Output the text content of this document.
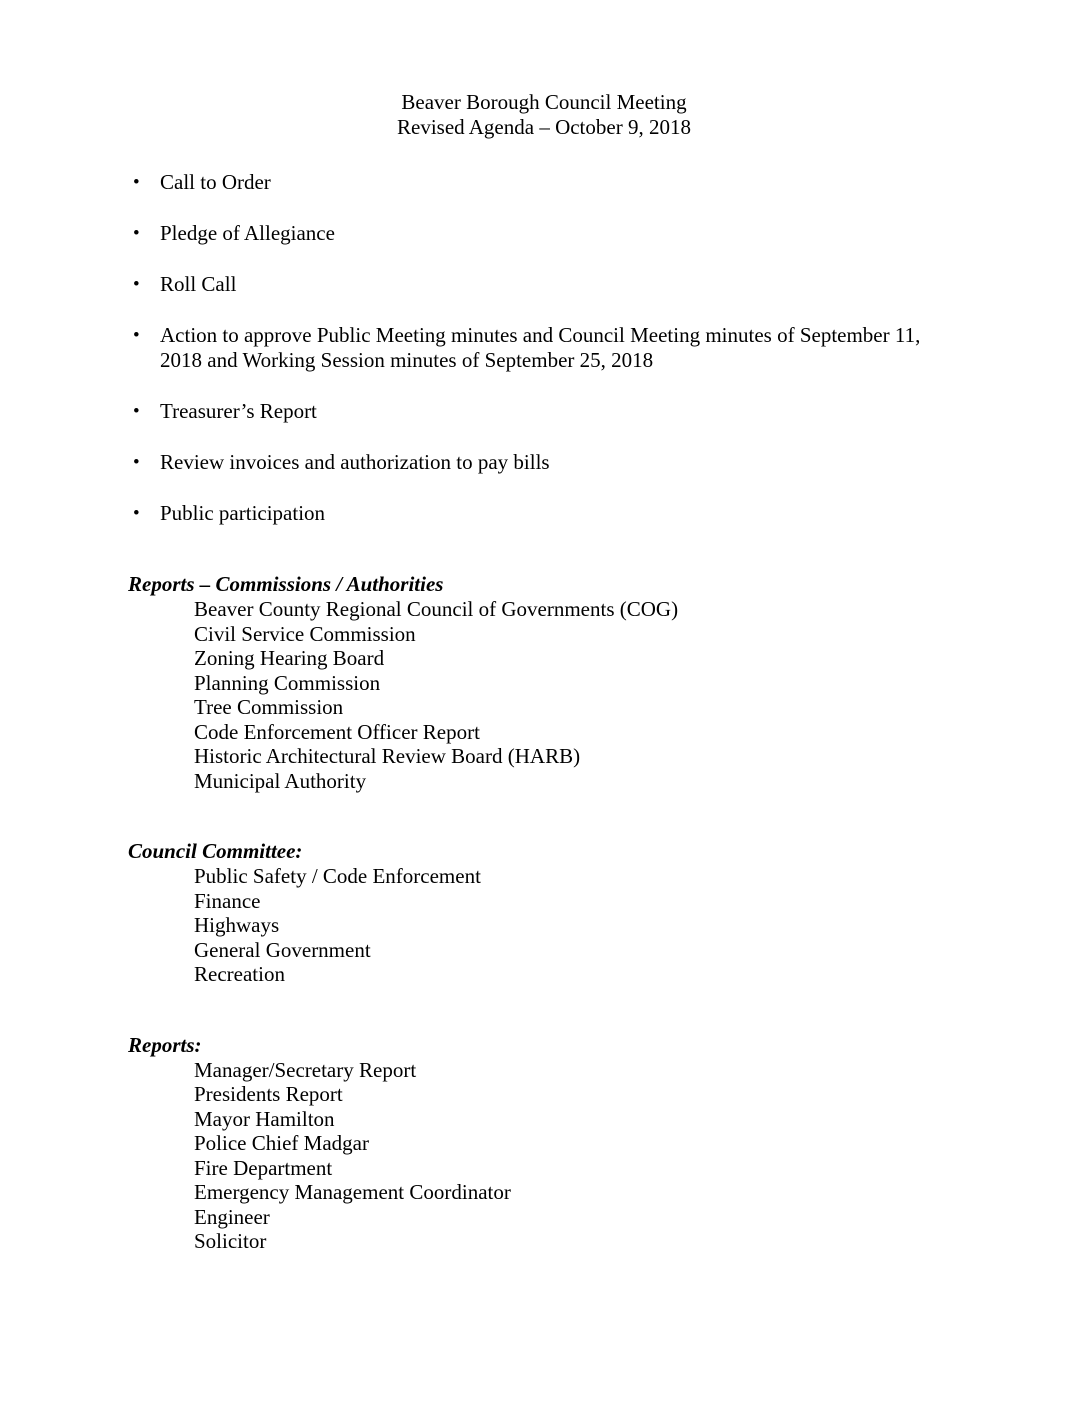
Beaver Borough Council Meeting
Revised Agenda – October 9, 2018
• Call to Order
• Pledge of Allegiance
• Roll Call
• Action to approve Public Meeting minutes and Council Meeting minutes of September 11, 2018 and Working Session minutes of September 25, 2018
• Treasurer’s Report
• Review invoices and authorization to pay bills
• Public participation
Reports – Commissions / Authorities
Beaver County Regional Council of Governments (COG)
Civil Service Commission
Zoning Hearing Board
Planning Commission
Tree Commission
Code Enforcement Officer Report
Historic Architectural Review Board (HARB)
Municipal Authority
Council Committee:
Public Safety / Code Enforcement
Finance
Highways
General Government
Recreation
Reports:
Manager/Secretary Report
Presidents Report
Mayor Hamilton
Police Chief Madgar
Fire Department
Emergency Management Coordinator
Engineer
Solicitor
